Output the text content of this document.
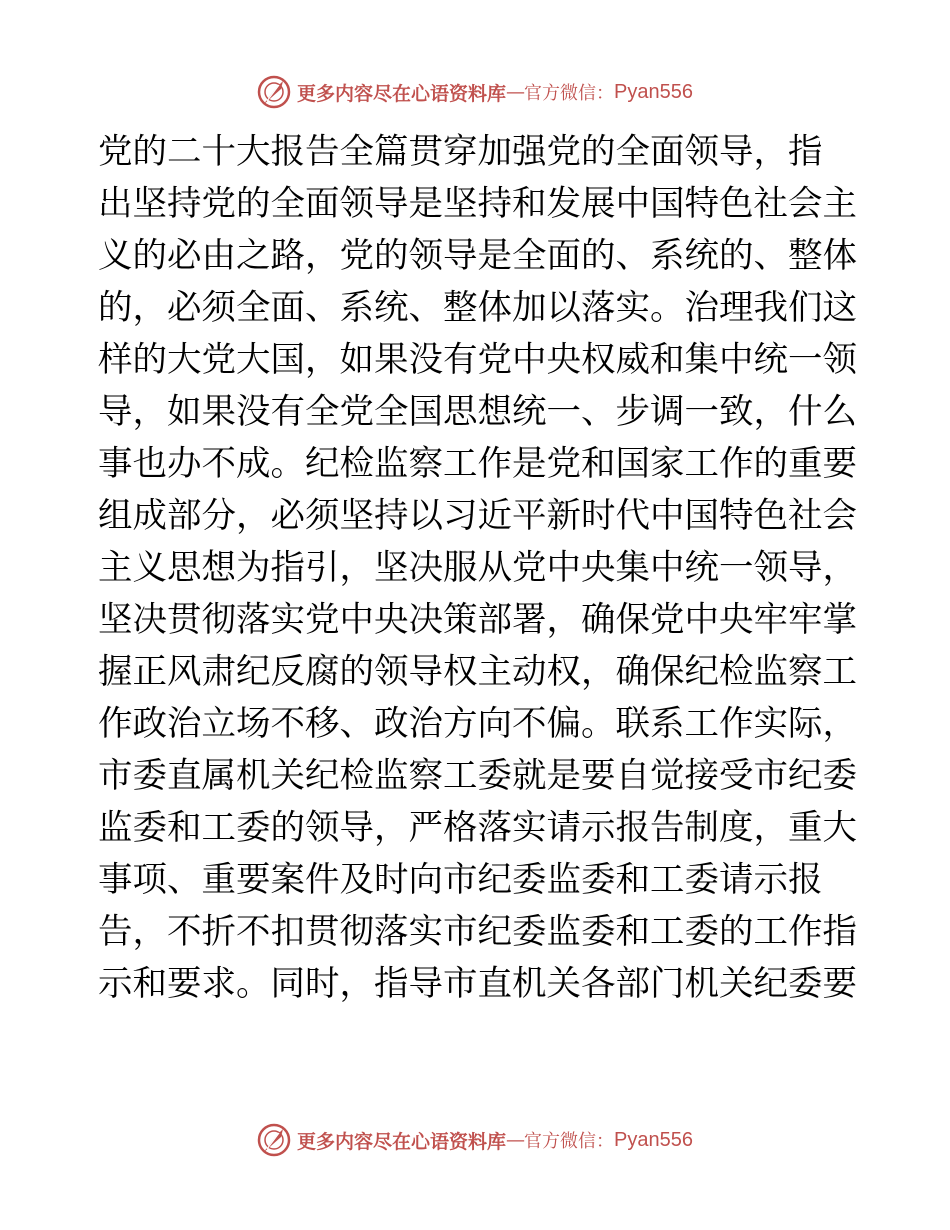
更多内容尽在心语资料库 — 官方微信： Pyan556
党的二十大报告全篇贯穿加强党的全面领导，指
出坚持党的全面领导是坚持和发展中国特色社会主
义的必由之路，党的领导是全面的、系统的、整体
的，必须全面、系统、整体加以落实。治理我们这
样的大党大国，如果没有党中央权威和集中统一领
导，如果没有全党全国思想统一、步调一致，什么
事也办不成。纪检监察工作是党和国家工作的重要
组成部分，必须坚持以习近平新时代中国特色社会
主义思想为指引，坚决服从党中央集中统一领导，
坚决贯彻落实党中央决策部署，确保党中央牢牢掌
握正风肃纪反腐的领导权主动权，确保纪检监察工
作政治立场不移、政治方向不偏。联系工作实际，
市委直属机关纪检监察工委就是要自觉接受市纪委
监委和工委的领导，严格落实请示报告制度，重大
事项、重要案件及时向市纪委监委和工委请示报
告，不折不扣贯彻落实市纪委监委和工委的工作指
示和要求。同时，指导市直机关各部门机关纪委要
更多内容尽在心语资料库 — 官方微信： Pyan556
